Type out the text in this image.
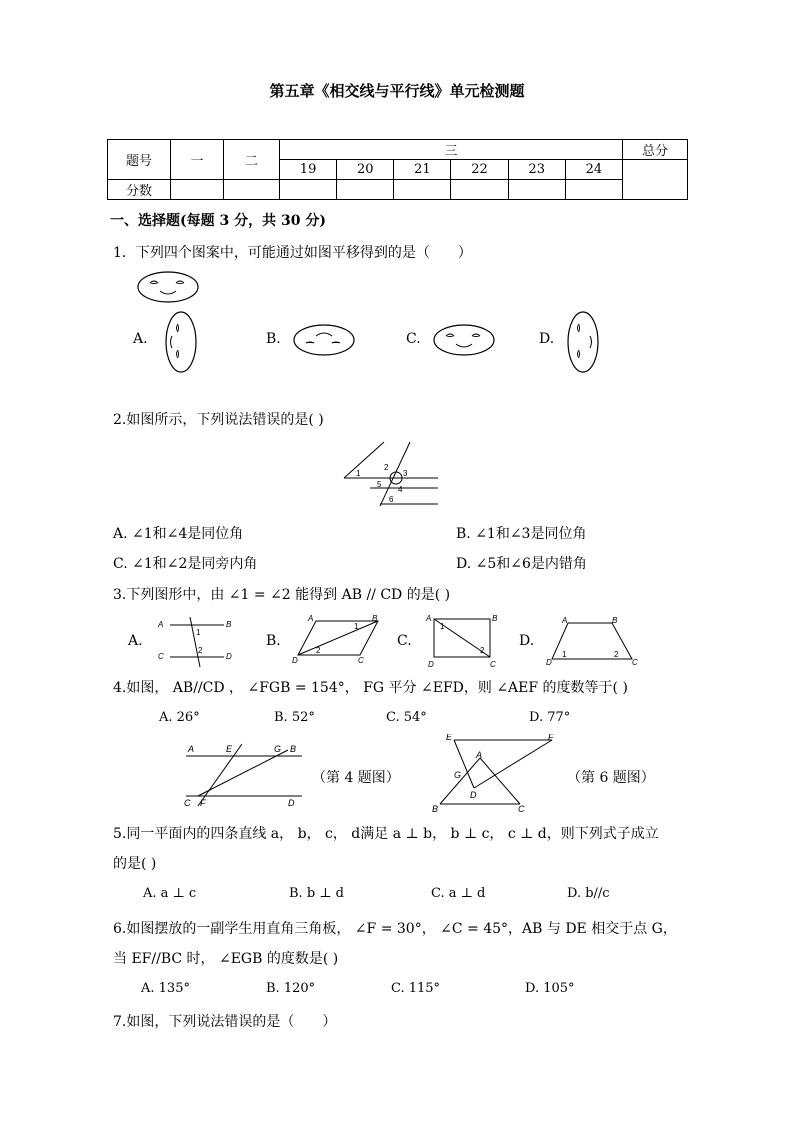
第五章《相交线与平行线》单元检测题
题号	一	二	三						总分
			19	20	21	22	23	24	
分数									
一、选择题(每题 3 分，共 30 分)
1．下列四个图案中，可能通过如图平移得到的是（　　）
A.	B.	C.	D.
2.如图所示，下列说法错误的是( )
1
2
3
4
5
6
A. ∠1和∠4是同位角	B. ∠1和∠3是同位角
C. ∠1和∠2是同旁内角	D. ∠5和∠6是内错角
3.下列图形中，由 ∠1 = ∠2 能得到 AB // CD 的是( )
A.
A	B
C	D
1
2
B.
A	B
D	C
1
2
C.
A	B
D	C
1
2
D.
A	B
D	C
1	2
4.如图， AB//CD ， ∠FGB = 154°， FG 平分 ∠EFD，则 ∠AEF 的度数等于( )
A. 26°	B. 52°	C. 54°	D. 77°
A	E	G B
C F	D
（第 4 题图）
E	F
A
G
D
B	C
（第 6 题图）
5.同一平面内的四条直线 a， b， c， d满足 a ⊥ b， b ⊥ c， c ⊥ d，则下列式子成立
的是( )
A. a ⊥ c	B. b ⊥ d	C. a ⊥ d	D. b//c
6.如图摆放的一副学生用直角三角板， ∠F = 30°， ∠C = 45°，AB 与 DE 相交于点 G，
当 EF//BC 时， ∠EGB 的度数是( )
A. 135°	B. 120°	C. 115°	D. 105°
7.如图，下列说法错误的是（　　）
